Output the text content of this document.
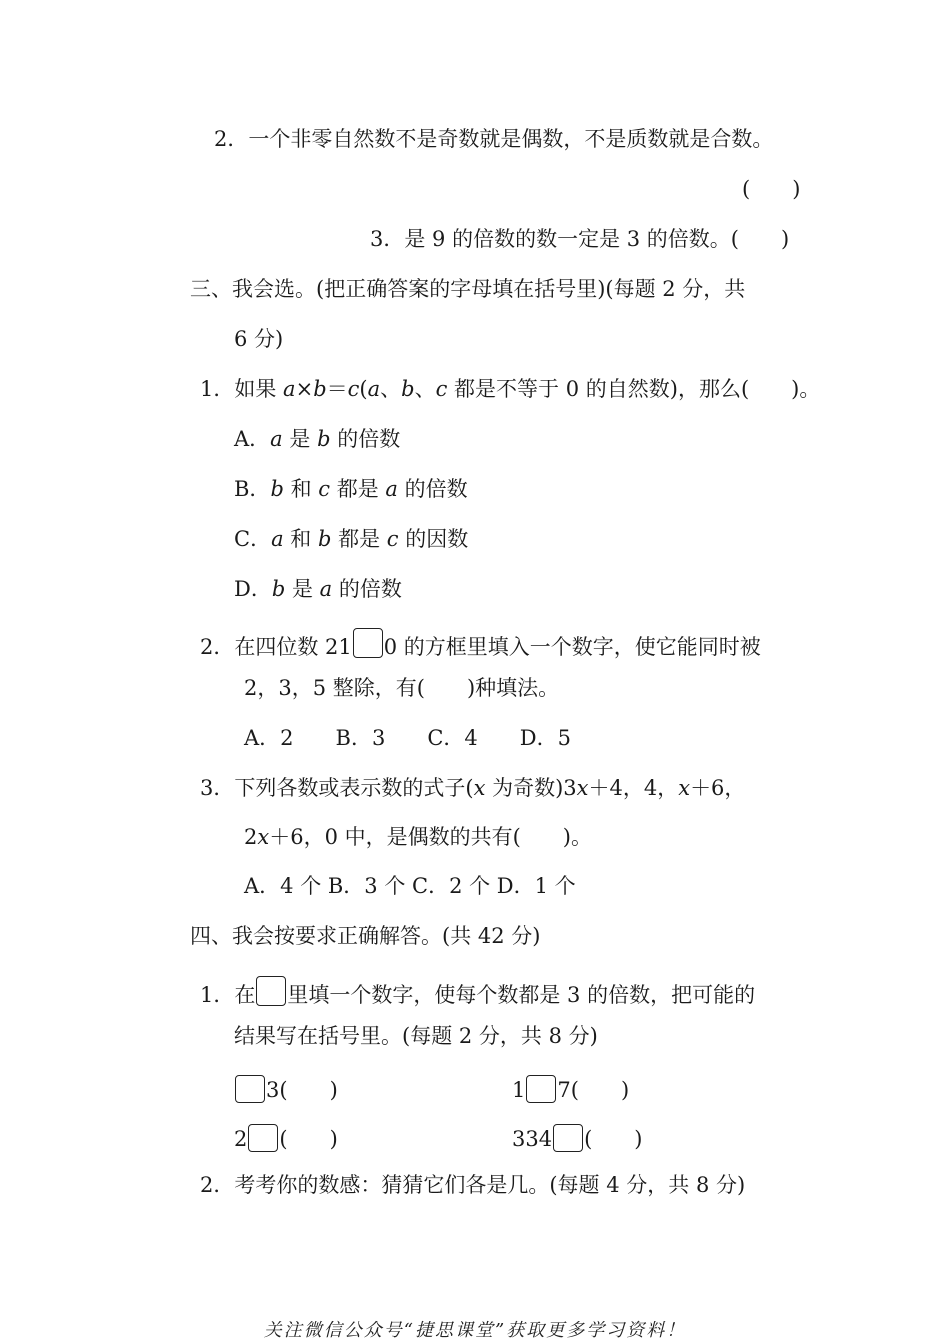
2．一个非零自然数不是奇数就是偶数，不是质数就是合数。
(　　)
3．是 9 的倍数的数一定是 3 的倍数。(　　)
三、我会选。(把正确答案的字母填在括号里)(每题 2 分，共
6 分)
1．如果 a×b＝c(a、b、c 都是不等于 0 的自然数)，那么(　　)。
A．a 是 b 的倍数
B．b 和 c 都是 a 的倍数
C．a 和 b 都是 c 的因数
D．b 是 a 的倍数
2．在四位数 21 0 的方框里填入一个数字，使它能同时被
2，3，5 整除，有(　　)种填法。
A．2　　B．3　　C．4　　D．5
3．下列各数或表示数的式子(x 为奇数)3x＋4，4，x＋6，
2x＋6，0 中，是偶数的共有(　　)。
A．4 个 B．3 个 C．2 个 D．1 个
四、我会按要求正确解答。(共 42 分)
1．在 里填一个数字，使每个数都是 3 的倍数，把可能的
结果写在括号里。(每题 2 分，共 8 分)
3(　　)	1 7(　　)
2 (　　)	334 (　　)
2．考考你的数感：猜猜它们各是几。(每题 4 分，共 8 分)
关注微信公众号“捷思课堂”获取更多学习资料！
